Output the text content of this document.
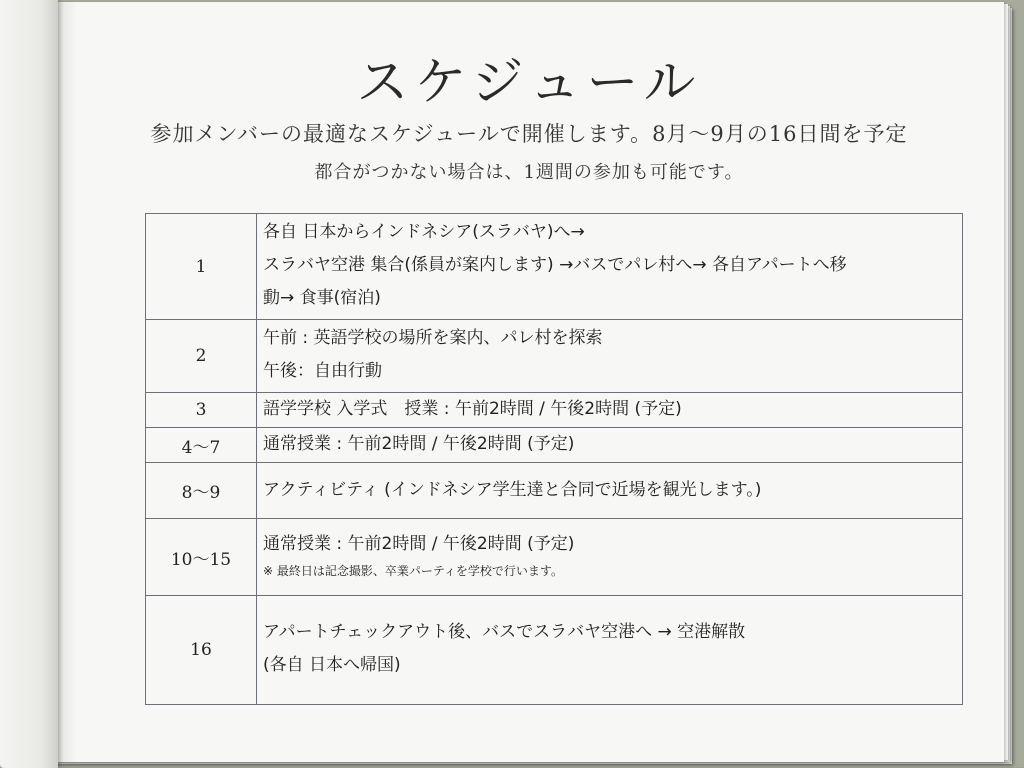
スケジュール

参加メンバーの最適なスケジュールで開催します。8月〜9月の16日間を予定

都合がつかない場合は、1週間の参加も可能です。

1	各自 日本からインドネシア(スラバヤ)へ→
スラバヤ空港 集合(係員が案内します) →バスでパレ村へ→ 各自アパートへ移
動→ 食事(宿泊)

2	午前 : 英語学校の場所を案内、パレ村を探索
午後：自由行動

3	語学学校 入学式　授業 : 午前2時間 / 午後2時間 (予定)

4〜7	通常授業 : 午前2時間 / 午後2時間 (予定)

8〜9	アクティビティ (インドネシア学生達と合同で近場を観光します。)

10〜15	通常授業 : 午前2時間 / 午後2時間 (予定)
※ 最終日は記念撮影、卒業パーティを学校で行います。

16	アパートチェックアウト後、バスでスラバヤ空港へ → 空港解散
(各自 日本へ帰国)
